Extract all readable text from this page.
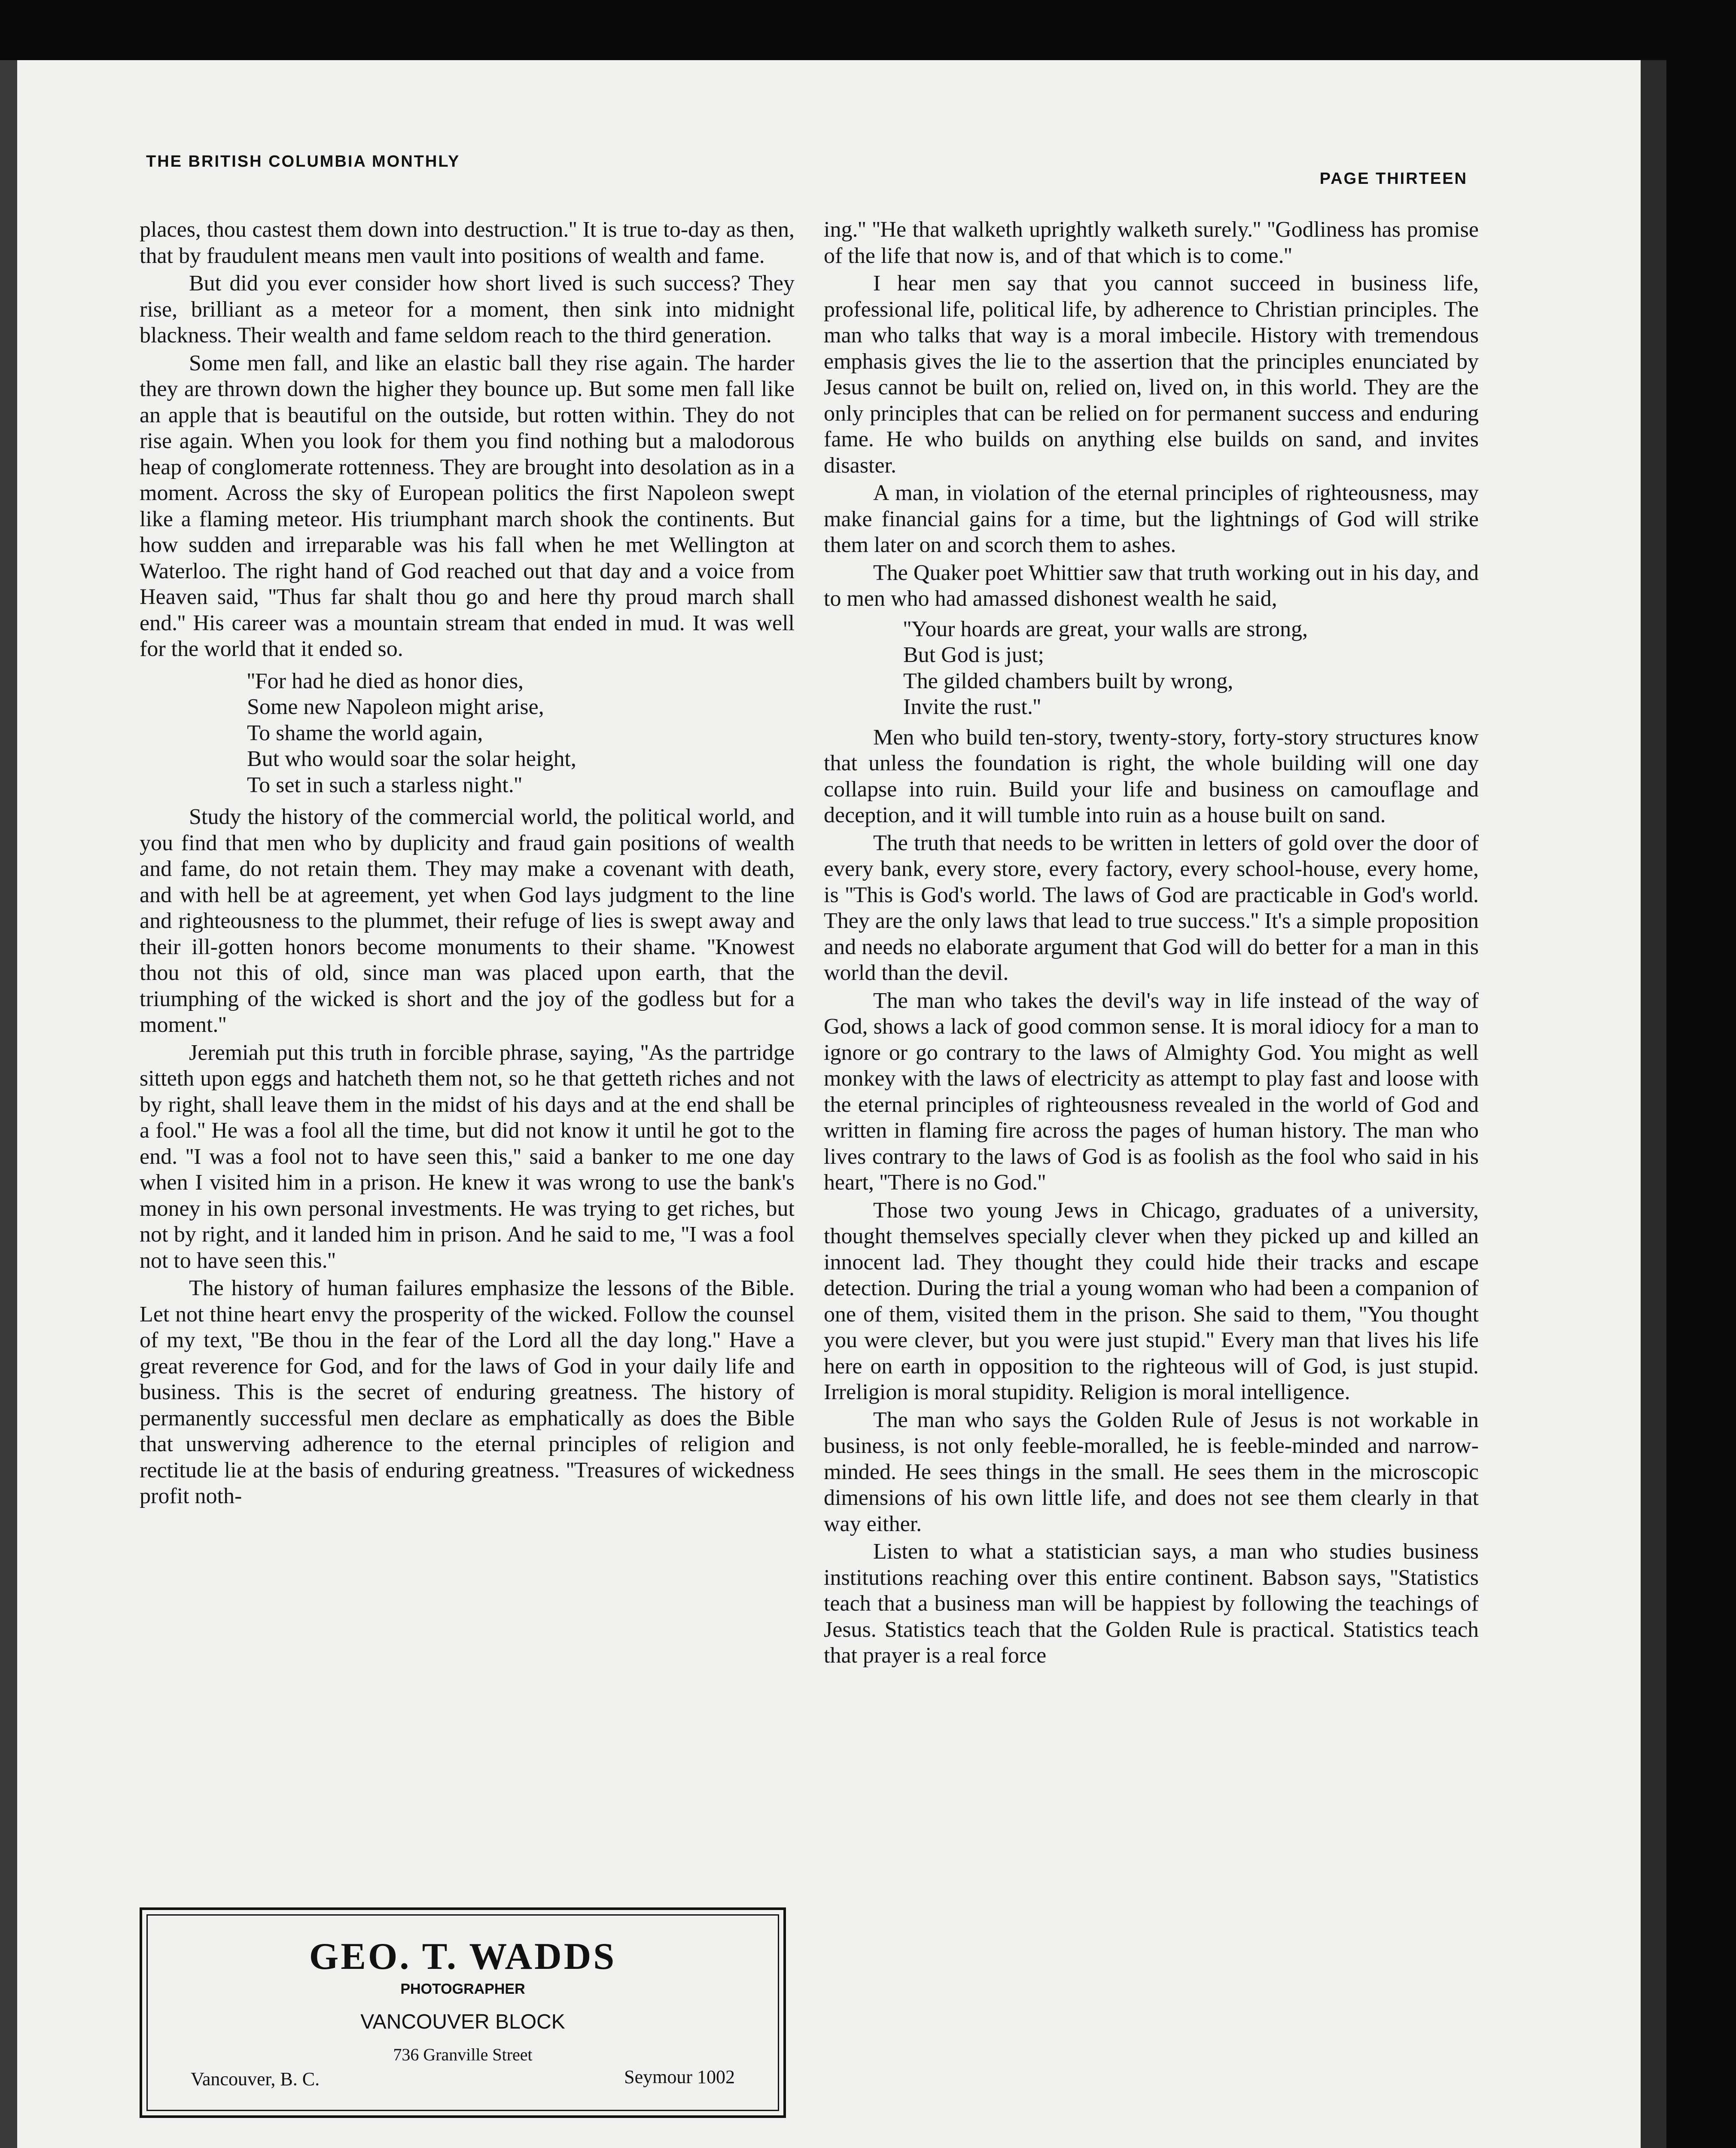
THE BRITISH COLUMBIA MONTHLY
PAGE THIRTEEN

places, thou castest them down into destruction.'' It is true to-day as then, that by fraudulent means men vault into positions of wealth and fame.

But did you ever consider how short lived is such success? They rise, brilliant as a meteor for a moment, then sink into midnight blackness. Their wealth and fame seldom reach to the third generation.

Some men fall, and like an elastic ball they rise again. The harder they are thrown down the higher they bounce up. But some men fall like an apple that is beautiful on the outside, but rotten within. They do not rise again. When you look for them you find nothing but a malodorous heap of conglomerate rottenness. They are brought into desolation as in a moment. Across the sky of European politics the first Napoleon swept like a flaming meteor. His triumphant march shook the continents. But how sudden and irreparable was his fall when he met Wellington at Waterloo. The right hand of God reached out that day and a voice from Heaven said, ''Thus far shalt thou go and here thy proud march shall end.'' His career was a mountain stream that ended in mud. It was well for the world that it ended so.

''For had he died as honor dies,
Some new Napoleon might arise,
To shame the world again,
But who would soar the solar height,
To set in such a starless night.''

Study the history of the commercial world, the political world, and you find that men who by duplicity and fraud gain positions of wealth and fame, do not retain them. They may make a covenant with death, and with hell be at agreement, yet when God lays judgment to the line and righteousness to the plummet, their refuge of lies is swept away and their ill-gotten honors become monuments to their shame. ''Knowest thou not this of old, since man was placed upon earth, that the triumphing of the wicked is short and the joy of the godless but for a moment.''

Jeremiah put this truth in forcible phrase, saying, ''As the partridge sitteth upon eggs and hatcheth them not, so he that getteth riches and not by right, shall leave them in the midst of his days and at the end shall be a fool.'' He was a fool all the time, but did not know it until he got to the end. ''I was a fool not to have seen this,'' said a banker to me one day when I visited him in a prison. He knew it was wrong to use the bank's money in his own personal investments. He was trying to get riches, but not by right, and it landed him in prison. And he said to me, ''I was a fool not to have seen this.''

The history of human failures emphasize the lessons of the Bible. Let not thine heart envy the prosperity of the wicked. Follow the counsel of my text, ''Be thou in the fear of the Lord all the day long.'' Have a great reverence for God, and for the laws of God in your daily life and business. This is the secret of enduring greatness. The history of permanently successful men declare as emphatically as does the Bible that unswerving adherence to the eternal principles of religion and rectitude lie at the basis of enduring greatness. ''Treasures of wickedness profit noth-

ing.'' ''He that walketh uprightly walketh surely.'' ''Godliness has promise of the life that now is, and of that which is to come.''

I hear men say that you cannot succeed in business life, professional life, political life, by adherence to Christian principles. The man who talks that way is a moral imbecile. History with tremendous emphasis gives the lie to the assertion that the principles enunciated by Jesus cannot be built on, relied on, lived on, in this world. They are the only principles that can be relied on for permanent success and enduring fame. He who builds on anything else builds on sand, and invites disaster.

A man, in violation of the eternal principles of righteousness, may make financial gains for a time, but the lightnings of God will strike them later on and scorch them to ashes.

The Quaker poet Whittier saw that truth working out in his day, and to men who had amassed dishonest wealth he said,

''Your hoards are great, your walls are strong,
But God is just;
The gilded chambers built by wrong,
Invite the rust.''

Men who build ten-story, twenty-story, forty-story structures know that unless the foundation is right, the whole building will one day collapse into ruin. Build your life and business on camouflage and deception, and it will tumble into ruin as a house built on sand.

The truth that needs to be written in letters of gold over the door of every bank, every store, every factory, every school-house, every home, is ''This is God's world. The laws of God are practicable in God's world. They are the only laws that lead to true success.'' It's a simple proposition and needs no elaborate argument that God will do better for a man in this world than the devil.

The man who takes the devil's way in life instead of the way of God, shows a lack of good common sense. It is moral idiocy for a man to ignore or go contrary to the laws of Almighty God. You might as well monkey with the laws of electricity as attempt to play fast and loose with the eternal principles of righteousness revealed in the world of God and written in flaming fire across the pages of human history. The man who lives contrary to the laws of God is as foolish as the fool who said in his heart, ''There is no God.''

Those two young Jews in Chicago, graduates of a university, thought themselves specially clever when they picked up and killed an innocent lad. They thought they could hide their tracks and escape detection. During the trial a young woman who had been a companion of one of them, visited them in the prison. She said to them, ''You thought you were clever, but you were just stupid.'' Every man that lives his life here on earth in opposition to the righteous will of God, is just stupid. Irreligion is moral stupidity. Religion is moral intelligence.

The man who says the Golden Rule of Jesus is not workable in business, is not only feeble-moralled, he is feeble-minded and narrow-minded. He sees things in the small. He sees them in the microscopic dimensions of his own little life, and does not see them clearly in that way either.

Listen to what a statistician says, a man who studies business institutions reaching over this entire continent. Babson says, ''Statistics teach that a business man will be happiest by following the teachings of Jesus. Statistics teach that the Golden Rule is practical. Statistics teach that prayer is a real force

GEO. T. WADDS
PHOTOGRAPHER
VANCOUVER BLOCK
736 Granville Street
Vancouver, B. C.	Seymour 1002
